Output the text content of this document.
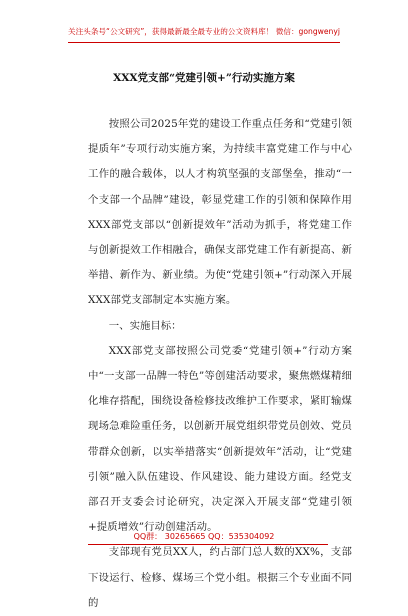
关注头条号“公文研究”，获得最新最全最专业的公文资料库！ 微信：gongwenyj
XXX党支部“党建引领+”行动实施方案

按照公司2025年党的建设工作重点任务和“党建引领提质年”专项行动实施方案，为持续丰富党建工作与中心工作的融合载体，以人才构筑坚强的支部堡垒，推动“一个支部一个品牌”建设，彰显党建工作的引领和保障作用XXX部党支部以“创新提效年”活动为抓手，将党建工作与创新提效工作相融合，确保支部党建工作有新提高、新举措、新作为、新业绩。为使“党建引领+”行动深入开展XXX部党支部制定本实施方案。

一、实施目标：

XXX部党支部按照公司党委“党建引领+”行动方案中“一支部一品牌一特色”等创建活动要求，聚焦燃煤精细化堆存搭配，围绕设备检修技改维护工作要求，紧盯输煤现场急难险重任务，以创新开展党组织带党员创效、党员带群众创新，以实举措落实“创新提效年”活动，让“党建引领”融入队伍建设、作风建设、能力建设方面。经党支部召开支委会讨论研究，决定深入开展支部“党建引领+提质增效”行动创建活动。

支部现有党员XX人，约占部门总人数的XX%，支部下设运行、检修、煤场三个党小组。根据三个专业面不同的

QQ群： 30265665 QQ：535304092
